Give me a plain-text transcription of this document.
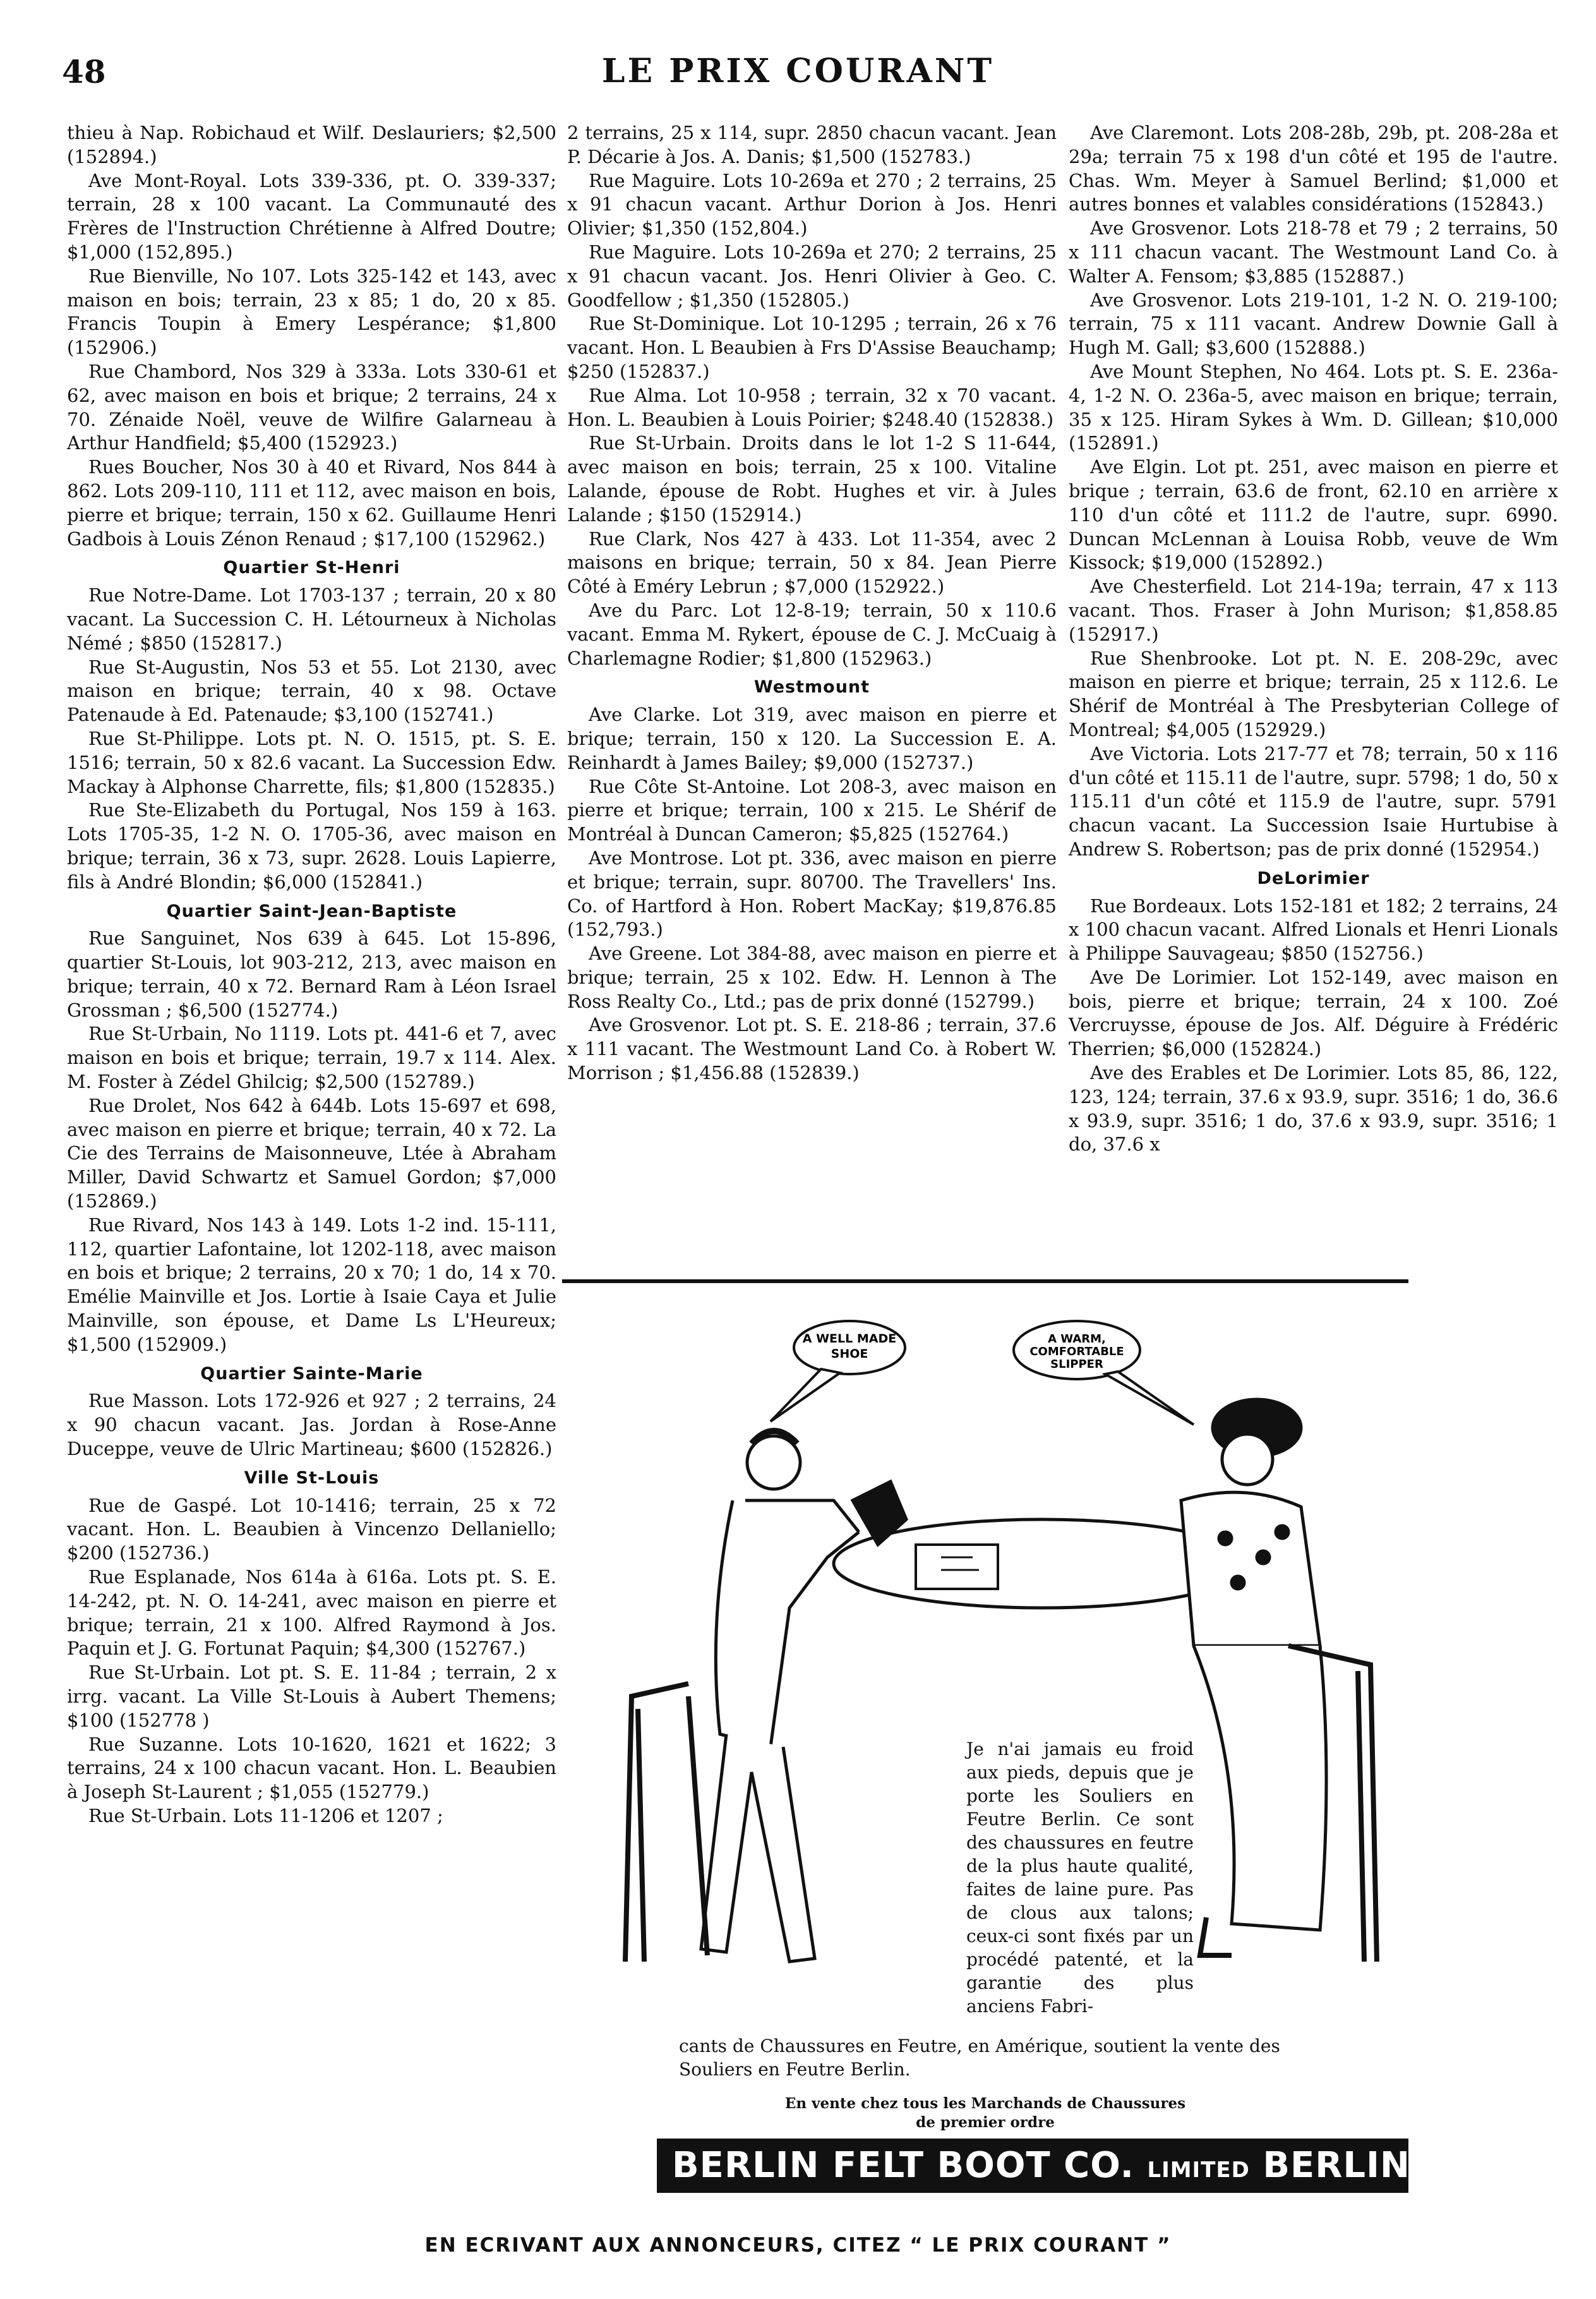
48	LE PRIX COURANT

thieu à Nap. Robichaud et Wilf. Deslauriers; $2,500 (152894.)

Ave Mont-Royal. Lots 339-336, pt. O. 339-337; terrain, 28 x 100 vacant. La Communauté des Frères de l'Instruction Chrétienne à Alfred Doutre; $1,000 (152,895.)

Rue Bienville, No 107. Lots 325-142 et 143, avec maison en bois; terrain, 23 x 85; 1 do, 20 x 85. Francis Toupin à Emery Lespérance; $1,800 (152906.)

Rue Chambord, Nos 329 à 333a. Lots 330-61 et 62, avec maison en bois et brique; 2 terrains, 24 x 70. Zénaide Noël, veuve de Wilfire Galarneau à Arthur Handfield; $5,400 (152923.)

Rues Boucher, Nos 30 à 40 et Rivard, Nos 844 à 862. Lots 209-110, 111 et 112, avec maison en bois, pierre et brique; terrain, 150 x 62. Guillaume Henri Gadbois à Louis Zénon Renaud ; $17,100 (152962.)

Quartier St-Henri

Rue Notre-Dame. Lot 1703-137 ; terrain, 20 x 80 vacant. La Succession C. H. Létourneux à Nicholas Némé ; $850 (152817.)

Rue St-Augustin, Nos 53 et 55. Lot 2130, avec maison en brique; terrain, 40 x 98. Octave Patenaude à Ed. Patenaude; $3,100 (152741.)

Rue St-Philippe. Lots pt. N. O. 1515, pt. S. E. 1516; terrain, 50 x 82.6 vacant. La Succession Edw. Mackay à Alphonse Charrette, fils; $1,800 (152835.)

Rue Ste-Elizabeth du Portugal, Nos 159 à 163. Lots 1705-35, 1-2 N. O. 1705-36, avec maison en brique; terrain, 36 x 73, supr. 2628. Louis Lapierre, fils à André Blondin; $6,000 (152841.)

Quartier Saint-Jean-Baptiste

Rue Sanguinet, Nos 639 à 645. Lot 15-896, quartier St-Louis, lot 903-212, 213, avec maison en brique; terrain, 40 x 72. Bernard Ram à Léon Israel Grossman ; $6,500 (152774.)

Rue St-Urbain, No 1119. Lots pt. 441-6 et 7, avec maison en bois et brique; terrain, 19.7 x 114. Alex. M. Foster à Zédel Ghilcig; $2,500 (152789.)

Rue Drolet, Nos 642 à 644b. Lots 15-697 et 698, avec maison en pierre et brique; terrain, 40 x 72. La Cie des Terrains de Maisonneuve, Ltée à Abraham Miller, David Schwartz et Samuel Gordon; $7,000 (152869.)

Rue Rivard, Nos 143 à 149. Lots 1-2 ind. 15-111, 112, quartier Lafontaine, lot 1202-118, avec maison en bois et brique; 2 terrains, 20 x 70; 1 do, 14 x 70. Emélie Mainville et Jos. Lortie à Isaie Caya et Julie Mainville, son épouse, et Dame Ls L'Heureux; $1,500 (152909.)

Quartier Sainte-Marie

Rue Masson. Lots 172-926 et 927 ; 2 terrains, 24 x 90 chacun vacant. Jas. Jordan à Rose-Anne Duceppe, veuve de Ulric Martineau; $600 (152826.)

Ville St-Louis

Rue de Gaspé. Lot 10-1416; terrain, 25 x 72 vacant. Hon. L. Beaubien à Vincenzo Dellaniello; $200 (152736.)

Rue Esplanade, Nos 614a à 616a. Lots pt. S. E. 14-242, pt. N. O. 14-241, avec maison en pierre et brique; terrain, 21 x 100. Alfred Raymond à Jos. Paquin et J. G. Fortunat Paquin; $4,300 (152767.)

Rue St-Urbain. Lot pt. S. E. 11-84 ; terrain, 2 x irrg. vacant. La Ville St-Louis à Aubert Themens; $100 (152778 )

Rue Suzanne. Lots 10-1620, 1621 et 1622; 3 terrains, 24 x 100 chacun vacant. Hon. L. Beaubien à Joseph St-Laurent ; $1,055 (152779.)

Rue St-Urbain. Lots 11-1206 et 1207 ;

2 terrains, 25 x 114, supr. 2850 chacun vacant. Jean P. Décarie à Jos. A. Danis; $1,500 (152783.)

Rue Maguire. Lots 10-269a et 270 ; 2 terrains, 25 x 91 chacun vacant. Arthur Dorion à Jos. Henri Olivier; $1,350 (152,804.)

Rue Maguire. Lots 10-269a et 270; 2 terrains, 25 x 91 chacun vacant. Jos. Henri Olivier à Geo. C. Goodfellow ; $1,350 (152805.)

Rue St-Dominique. Lot 10-1295 ; terrain, 26 x 76 vacant. Hon. L Beaubien à Frs D'Assise Beauchamp; $250 (152837.)

Rue Alma. Lot 10-958 ; terrain, 32 x 70 vacant. Hon. L. Beaubien à Louis Poirier; $248.40 (152838.)

Rue St-Urbain. Droits dans le lot 1-2 S 11-644, avec maison en bois; terrain, 25 x 100. Vitaline Lalande, épouse de Robt. Hughes et vir. à Jules Lalande ; $150 (152914.)

Rue Clark, Nos 427 à 433. Lot 11-354, avec 2 maisons en brique; terrain, 50 x 84. Jean Pierre Côté à Eméry Lebrun ; $7,000 (152922.)

Ave du Parc. Lot 12-8-19; terrain, 50 x 110.6 vacant. Emma M. Rykert, épouse de C. J. McCuaig à Charlemagne Rodier; $1,800 (152963.)

Westmount

Ave Clarke. Lot 319, avec maison en pierre et brique; terrain, 150 x 120. La Succession E. A. Reinhardt à James Bailey; $9,000 (152737.)

Rue Côte St-Antoine. Lot 208-3, avec maison en pierre et brique; terrain, 100 x 215. Le Shérif de Montréal à Duncan Cameron; $5,825 (152764.)

Ave Montrose. Lot pt. 336, avec maison en pierre et brique; terrain, supr. 80700. The Travellers' Ins. Co. of Hartford à Hon. Robert MacKay; $19,876.85 (152,793.)

Ave Greene. Lot 384-88, avec maison en pierre et brique; terrain, 25 x 102. Edw. H. Lennon à The Ross Realty Co., Ltd.; pas de prix donné (152799.)

Ave Grosvenor. Lot pt. S. E. 218-86 ; terrain, 37.6 x 111 vacant. The Westmount Land Co. à Robert W. Morrison ; $1,456.88 (152839.)

Ave Claremont. Lots 208-28b, 29b, pt. 208-28a et 29a; terrain 75 x 198 d'un côté et 195 de l'autre. Chas. Wm. Meyer à Samuel Berlind; $1,000 et autres bonnes et valables considérations (152843.)

Ave Grosvenor. Lots 218-78 et 79 ; 2 terrains, 50 x 111 chacun vacant. The Westmount Land Co. à Walter A. Fensom; $3,885 (152887.)

Ave Grosvenor. Lots 219-101, 1-2 N. O. 219-100; terrain, 75 x 111 vacant. Andrew Downie Gall à Hugh M. Gall; $3,600 (152888.)

Ave Mount Stephen, No 464. Lots pt. S. E. 236a-4, 1-2 N. O. 236a-5, avec maison en brique; terrain, 35 x 125. Hiram Sykes à Wm. D. Gillean; $10,000 (152891.)

Ave Elgin. Lot pt. 251, avec maison en pierre et brique ; terrain, 63.6 de front, 62.10 en arrière x 110 d'un côté et 111.2 de l'autre, supr. 6990. Duncan McLennan à Louisa Robb, veuve de Wm Kissock; $19,000 (152892.)

Ave Chesterfield. Lot 214-19a; terrain, 47 x 113 vacant. Thos. Fraser à John Murison; $1,858.85 (152917.)

Rue Shenbrooke. Lot pt. N. E. 208-29c, avec maison en pierre et brique; terrain, 25 x 112.6. Le Shérif de Montréal à The Presbyterian College of Montreal; $4,005 (152929.)

Ave Victoria. Lots 217-77 et 78; terrain, 50 x 116 d'un côté et 115.11 de l'autre, supr. 5798; 1 do, 50 x 115.11 d'un côté et 115.9 de l'autre, supr. 5791 chacun vacant. La Succession Isaie Hurtubise à Andrew S. Robertson; pas de prix donné (152954.)

DeLorimier

Rue Bordeaux. Lots 152-181 et 182; 2 terrains, 24 x 100 chacun vacant. Alfred Lionals et Henri Lionals à Philippe Sauvageau; $850 (152756.)

Ave De Lorimier. Lot 152-149, avec maison en bois, pierre et brique; terrain, 24 x 100. Zoé Vercruysse, épouse de Jos. Alf. Déguire à Frédéric Therrien; $6,000 (152824.)

Ave des Erables et De Lorimier. Lots 85, 86, 122, 123, 124; terrain, 37.6 x 93.9, supr. 3516; 1 do, 36.6 x 93.9, supr. 3516; 1 do, 37.6 x 93.9, supr. 3516; 1 do, 37.6 x

A WELL MADE
SHOE
A WARM,
COMFORTABLE
SLIPPER
Je n'ai jamais eu froid aux pieds, depuis que je porte les Souliers en Feutre Berlin. Ce sont des chaussures en feutre de la plus haute qualité, faites de laine pure. Pas de clous aux talons; ceux-ci sont fixés par un procédé patenté, et la garantie des plus anciens Fabri-
cants de Chaussures en Feutre, en Amérique, soutient la vente des Souliers en Feutre Berlin.
En vente chez tous les Marchands de Chaussures
de premier ordre
BERLIN FELT BOOT CO. LIMITED BERLIN.ONT
EN ECRIVANT AUX ANNONCEURS, CITEZ “ LE PRIX COURANT ”
